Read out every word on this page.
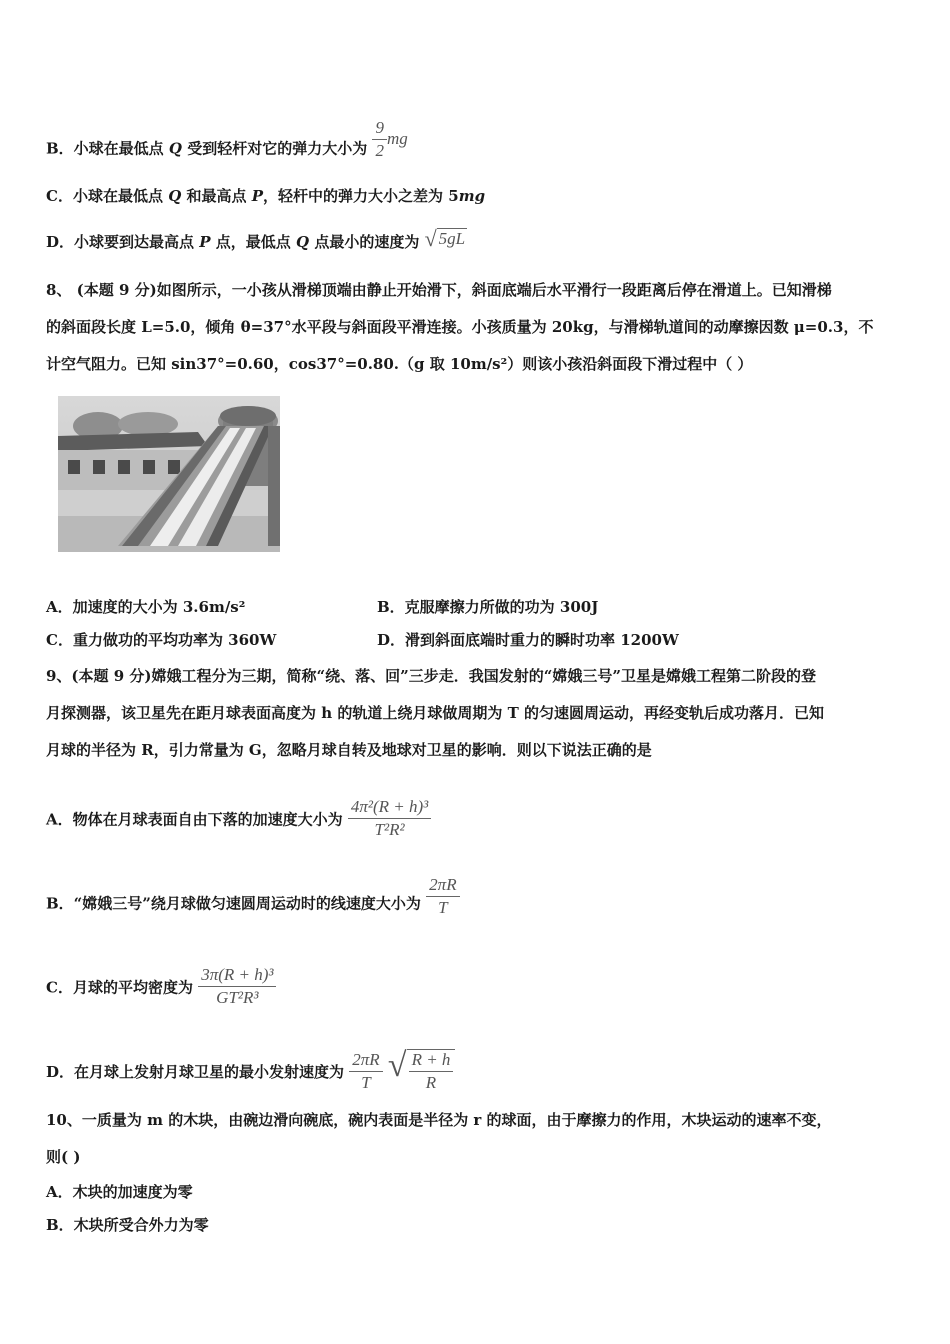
B．小球在最低点 Q 受到轻杆对它的弹力大小为 $\frac{9}{2}$ mg
C．小球在最低点 Q 和最高点 P，轻杆中的弹力大小之差为 5mg
D．小球要到达最高点 P 点，最低点 Q 点最小的速度为 √ 5gL
8、 (本题 9 分)如图所示，一小孩从滑梯顶端由静止开始滑下，斜面底端后水平滑行一段距离后停在滑道上。已知滑梯
的斜面段长度 L=5.0，倾角 θ=37°水平段与斜面段平滑连接。小孩质量为 20kg，与滑梯轨道间的动摩擦因数 μ=0.3，不
计空气阻力。已知 sin37°=0.60，cos37°=0.80.（g 取 10m/s²）则该小孩沿斜面段下滑过程中（ ）
A．加速度的大小为 3.6m/s²	B．克服摩擦力所做的功为 300J
C．重力做功的平均功率为 360W	D．滑到斜面底端时重力的瞬时功率 1200W
9、(本题 9 分)嫦娥工程分为三期，简称“绕、落、回”三步走．我国发射的“嫦娥三号”卫星是嫦娥工程第二阶段的登
月探测器，该卫星先在距月球表面高度为 h 的轨道上绕月球做周期为 T 的匀速圆周运动，再经变轨后成功落月．已知
月球的半径为 R，引力常量为 G，忽略月球自转及地球对卫星的影响．则以下说法正确的是
A．物体在月球表面自由下落的加速度大小为 $\frac{\text{4π²(R + h)³}}{\text{T²R²}}$
B．“嫦娥三号”绕月球做匀速圆周运动时的线速度大小为 $\frac{2\pi R}{T}$
C．月球的平均密度为 $\frac{\text{3π(R + h)³}}{\text{GT²R³}}$
D．在月球上发射月球卫星的最小发射速度为 $\frac{2\pi R}{T}$
√ $\frac{R + h}{R}$
10、一质量为 m 的木块，由碗边滑向碗底，碗内表面是半径为 r 的球面，由于摩擦力的作用，木块运动的速率不变，
则( )
A．木块的加速度为零
B．木块所受合外力为零
